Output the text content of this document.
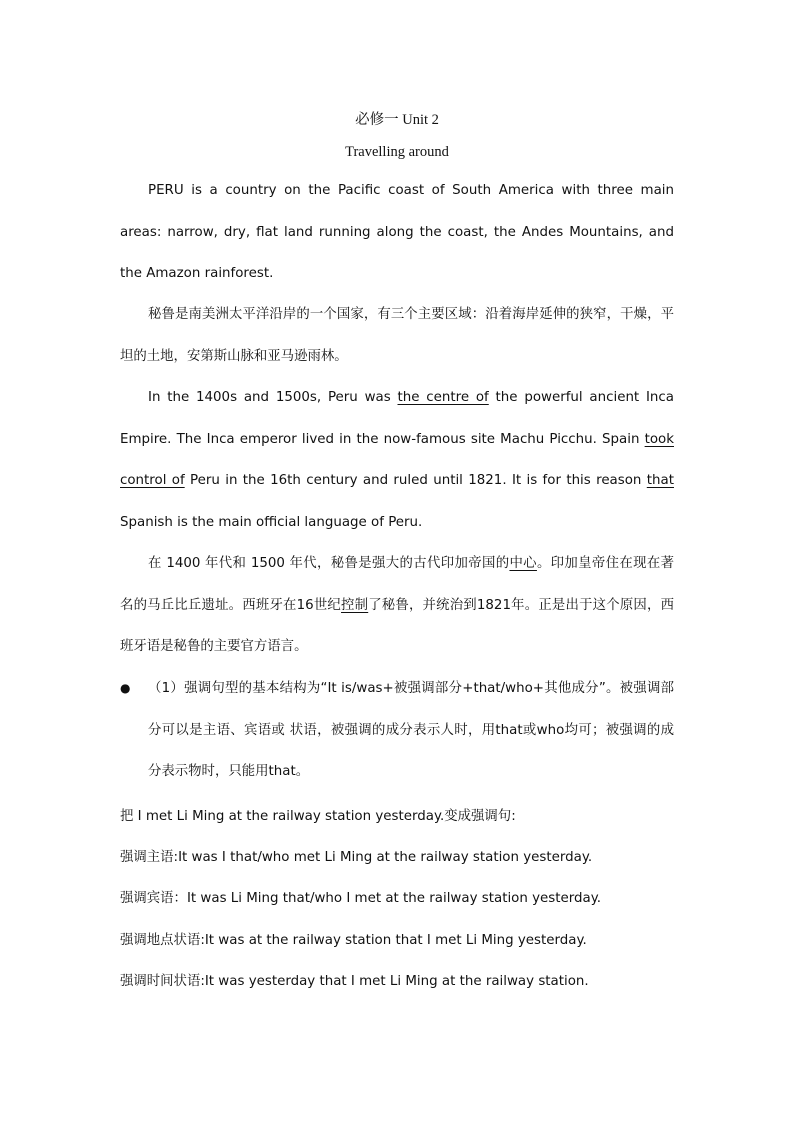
必修一 Unit 2
Travelling around

PERU is a country on the Pacific coast of South America with three main areas: narrow, dry, flat land running along the coast, the Andes Mountains, and the Amazon rainforest.

秘鲁是南美洲太平洋沿岸的一个国家，有三个主要区域：沿着海岸延伸的狭窄，干燥，平坦的土地，安第斯山脉和亚马逊雨林。

In the 1400s and 1500s, Peru was the centre of the powerful ancient Inca Empire. The Inca emperor lived in the now-famous site Machu Picchu. Spain took control of Peru in the 16th century and ruled until 1821. It is for this reason that Spanish is the main official language of Peru.

在 1400 年代和 1500 年代，秘鲁是强大的古代印加帝国的中心。印加皇帝住在现在著名的马丘比丘遗址。西班牙在16世纪控制了秘鲁，并统治到1821年。正是出于这个原因，西班牙语是秘鲁的主要官方语言。

● （1）强调句型的基本结构为“It is/was+被强调部分+that/who+其他成分”。被强调部分可以是主语、宾语或 状语，被强调的成分表示人时，用that或who均可；被强调的成分表示物时，只能用that。
把 I met Li Ming at the railway station yesterday.变成强调句:
强调主语:It was I that/who met Li Ming at the railway station yesterday.
强调宾语：It was Li Ming that/who I met at the railway station yesterday.
强调地点状语:It was at the railway station that I met Li Ming yesterday.
强调时间状语:It was yesterday that I met Li Ming at the railway station.
